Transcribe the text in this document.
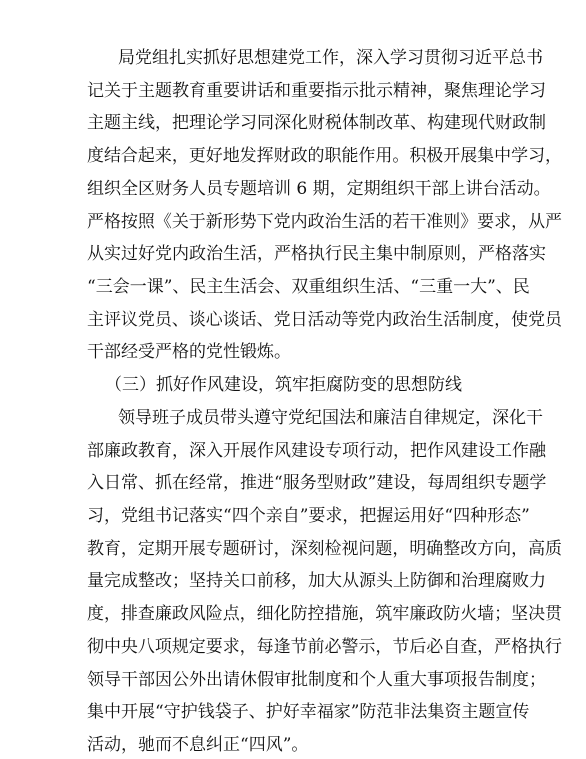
局党组扎实抓好思想建党工作，深入学习贯彻习近平总书
记关于主题教育重要讲话和重要指示批示精神，聚焦理论学习
主题主线，把理论学习同深化财税体制改革、构建现代财政制
度结合起来，更好地发挥财政的职能作用。积极开展集中学习，
组织全区财务人员专题培训 6 期，定期组织干部上讲台活动。
严格按照《关于新形势下党内政治生活的若干准则》要求，从严
从实过好党内政治生活，严格执行民主集中制原则，严格落实
“三会一课”、民主生活会、双重组织生活、“三重一大”、民
主评议党员、谈心谈话、党日活动等党内政治生活制度，使党员
干部经受严格的党性锻炼。
（三）抓好作风建设，筑牢拒腐防变的思想防线
领导班子成员带头遵守党纪国法和廉洁自律规定，深化干
部廉政教育，深入开展作风建设专项行动，把作风建设工作融
入日常、抓在经常，推进“服务型财政”建设，每周组织专题学
习，党组书记落实“四个亲自”要求，把握运用好“四种形态”
教育，定期开展专题研讨，深刻检视问题，明确整改方向，高质
量完成整改；坚持关口前移，加大从源头上防御和治理腐败力
度，排查廉政风险点，细化防控措施，筑牢廉政防火墙；坚决贯
彻中央八项规定要求，每逢节前必警示，节后必自查，严格执行
领导干部因公外出请休假审批制度和个人重大事项报告制度；
集中开展“守护钱袋子、护好幸福家”防范非法集资主题宣传
活动，驰而不息纠正“四风”。
